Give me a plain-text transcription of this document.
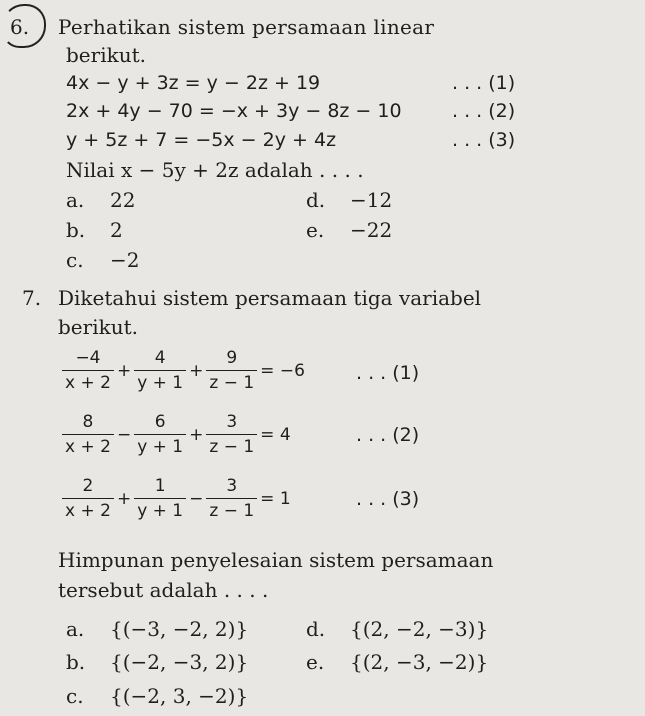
6. Perhatikan sistem persamaan linear
berikut.
4x − y + 3z = y − 2z + 19	. . . (1)
2x + 4y − 70 = −x + 3y − 8z − 10	. . . (2)
y + 5z + 7 = −5x − 2y + 4z	. . . (3)
Nilai x − 5y + 2z adalah . . . .
a. 22
b. 2
c. −2
d. −12
e. −22
7. Diketahui sistem persamaan tiga variabel
berikut.
$\frac{-4}{x + 2} + \frac{4}{y + 1} + \frac{9}{z - 1} = -6$	. . . (1)
$\frac{8}{x + 2} - \frac{6}{y + 1} + \frac{3}{z - 1} = 4$	. . . (2)
$\frac{2}{x + 2} + \frac{1}{y + 1} - \frac{3}{z - 1} = 1$	. . . (3)
Himpunan penyelesaian sistem persamaan
tersebut adalah . . . .
a. {(−3, −2, 2)}
b. {(−2, −3, 2)}
c. {(−2, 3, −2)}
d. {(2, −2, −3)}
e. {(2, −3, −2)}
